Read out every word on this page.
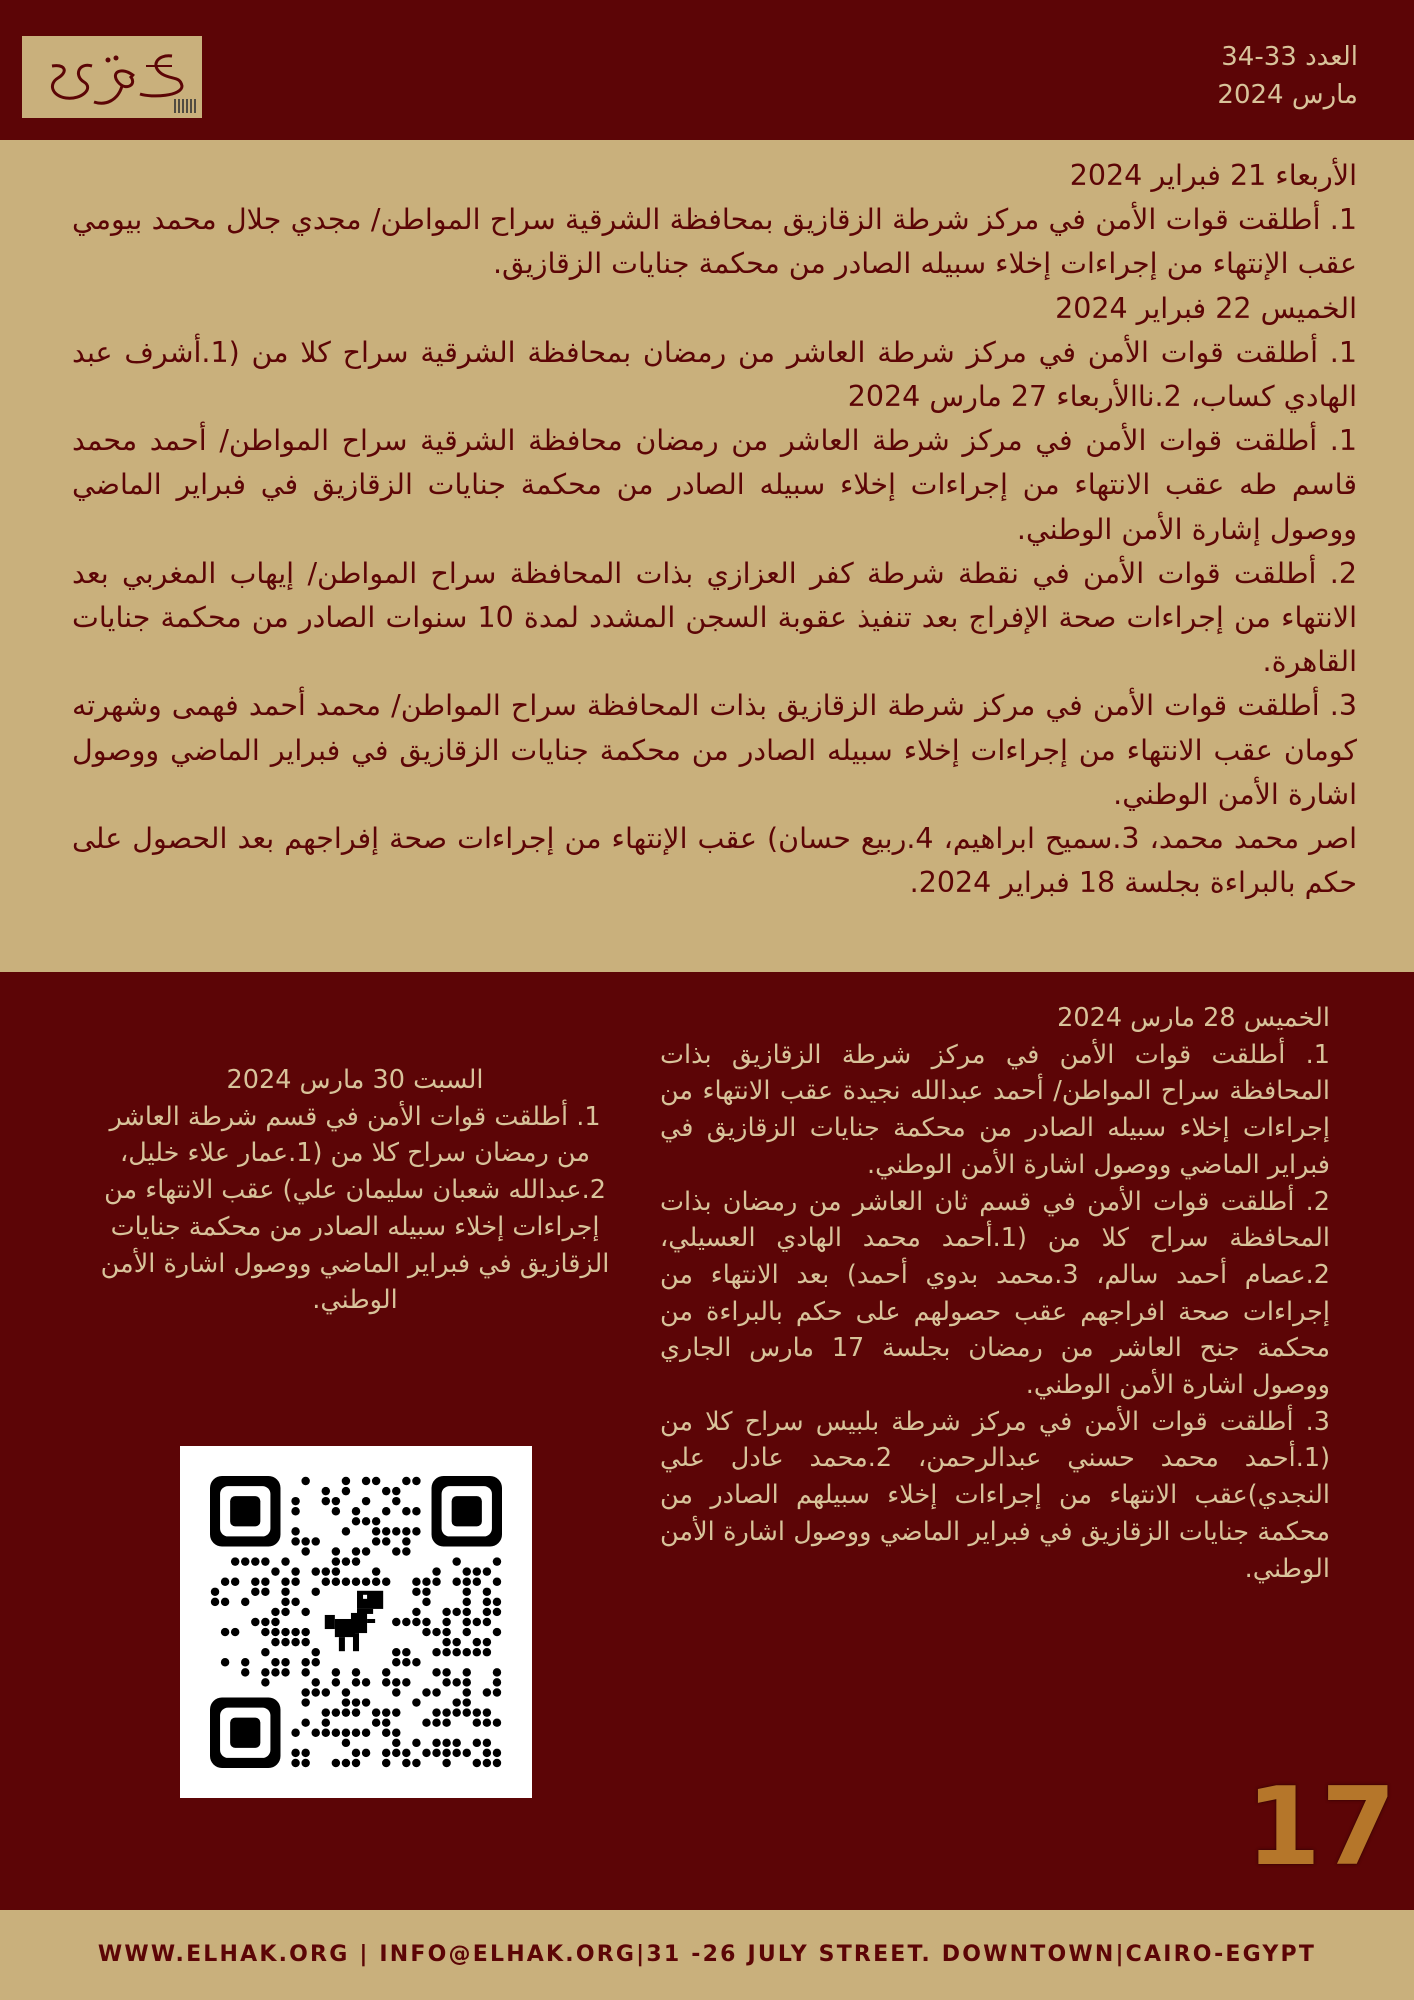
العدد 33-34
مارس 2024

الأربعاء 21 فبراير 2024

1. أطلقت قوات الأمن في مركز شرطة الزقازيق بمحافظة الشرقية سراح المواطن/ مجدي جلال محمد بيومي عقب الإنتهاء من إجراءات إخلاء سبيله الصادر من محكمة جنايات الزقازيق.

الخميس 22 فبراير 2024

1. أطلقت قوات الأمن في مركز شرطة العاشر من رمضان بمحافظة الشرقية سراح كلا من (1.أشرف عبد الهادي كساب، 2.ناالأربعاء 27 مارس 2024

1. أطلقت قوات الأمن في مركز شرطة العاشر من رمضان محافظة الشرقية سراح المواطن/ أحمد محمد قاسم طه عقب الانتهاء من إجراءات إخلاء سبيله الصادر من محكمة جنايات الزقازيق في فبراير الماضي ووصول إشارة الأمن الوطني.

2. أطلقت قوات الأمن في نقطة شرطة كفر العزازي بذات المحافظة سراح المواطن/ إيهاب المغربي بعد الانتهاء من إجراءات صحة الإفراج بعد تنفيذ عقوبة السجن المشدد لمدة 10 سنوات الصادر من محكمة جنايات القاهرة.

3. أطلقت قوات الأمن في مركز شرطة الزقازيق بذات المحافظة سراح المواطن/ محمد أحمد فهمى وشهرته كومان عقب الانتهاء من إجراءات إخلاء سبيله الصادر من محكمة جنايات الزقازيق في فبراير الماضي ووصول اشارة الأمن الوطني.

اصر محمد محمد، 3.سميح ابراهيم، 4.ربيع حسان) عقب الإنتهاء من إجراءات صحة إفراجهم بعد الحصول على حكم بالبراءة بجلسة 18 فبراير 2024.

الخميس 28 مارس 2024

1. أطلقت قوات الأمن في مركز شرطة الزقازيق بذات المحافظة سراح المواطن/ أحمد عبدالله نجيدة عقب الانتهاء من إجراءات إخلاء سبيله الصادر من محكمة جنايات الزقازيق في فبراير الماضي ووصول اشارة الأمن الوطني.

2. أطلقت قوات الأمن في قسم ثان العاشر من رمضان بذات المحافظة سراح كلا من (1.أحمد محمد الهادي العسيلي، 2.عصام أحمد سالم، 3.محمد بدوي أحمد) بعد الانتهاء من إجراءات صحة افراجهم عقب حصولهم على حكم بالبراءة من محكمة جنح العاشر من رمضان بجلسة 17 مارس الجاري ووصول اشارة الأمن الوطني.

3. أطلقت قوات الأمن في مركز شرطة بلبيس سراح كلا من (1.أحمد محمد حسني عبدالرحمن، 2.محمد عادل علي النجدي)عقب الانتهاء من إجراءات إخلاء سبيلهم الصادر من محكمة جنايات الزقازيق في فبراير الماضي ووصول اشارة الأمن الوطني.

السبت 30 مارس 2024

1. أطلقت قوات الأمن في قسم شرطة العاشر من رمضان سراح كلا من (1.عمار علاء خليل، 2.عبدالله شعبان سليمان علي) عقب الانتهاء من إجراءات إخلاء سبيله الصادر من محكمة جنايات الزقازيق في فبراير الماضي ووصول اشارة الأمن الوطني.

17
WWW.ELHAK.ORG | INFO@ELHAK.ORG|31 -26 JULY STREET. DOWNTOWN|CAIRO-EGYPT
